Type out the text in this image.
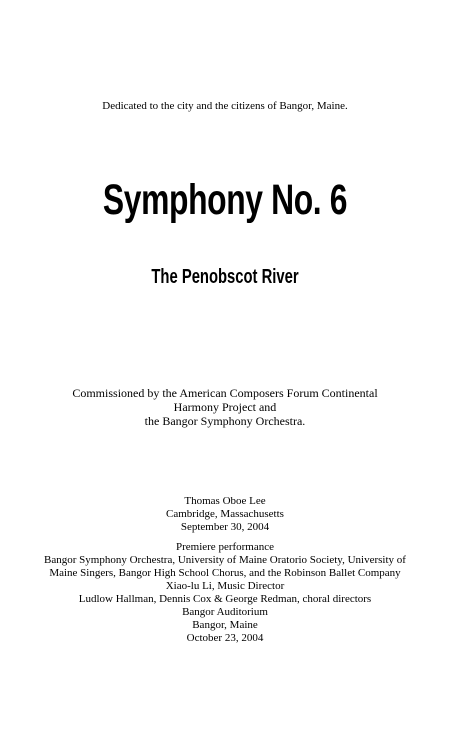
Dedicated to the city and the citizens of Bangor, Maine.
Symphony No. 6
The Penobscot River
Commissioned by the American Composers Forum Continental
Harmony Project and
the Bangor Symphony Orchestra.
Thomas Oboe Lee
Cambridge, Massachusetts
September 30, 2004
Premiere performance
Bangor Symphony Orchestra, University of Maine Oratorio Society, University of
Maine Singers, Bangor High School Chorus, and the Robinson Ballet Company
Xiao-lu Li, Music Director
Ludlow Hallman, Dennis Cox & George Redman, choral directors
Bangor Auditorium
Bangor, Maine
October 23, 2004
